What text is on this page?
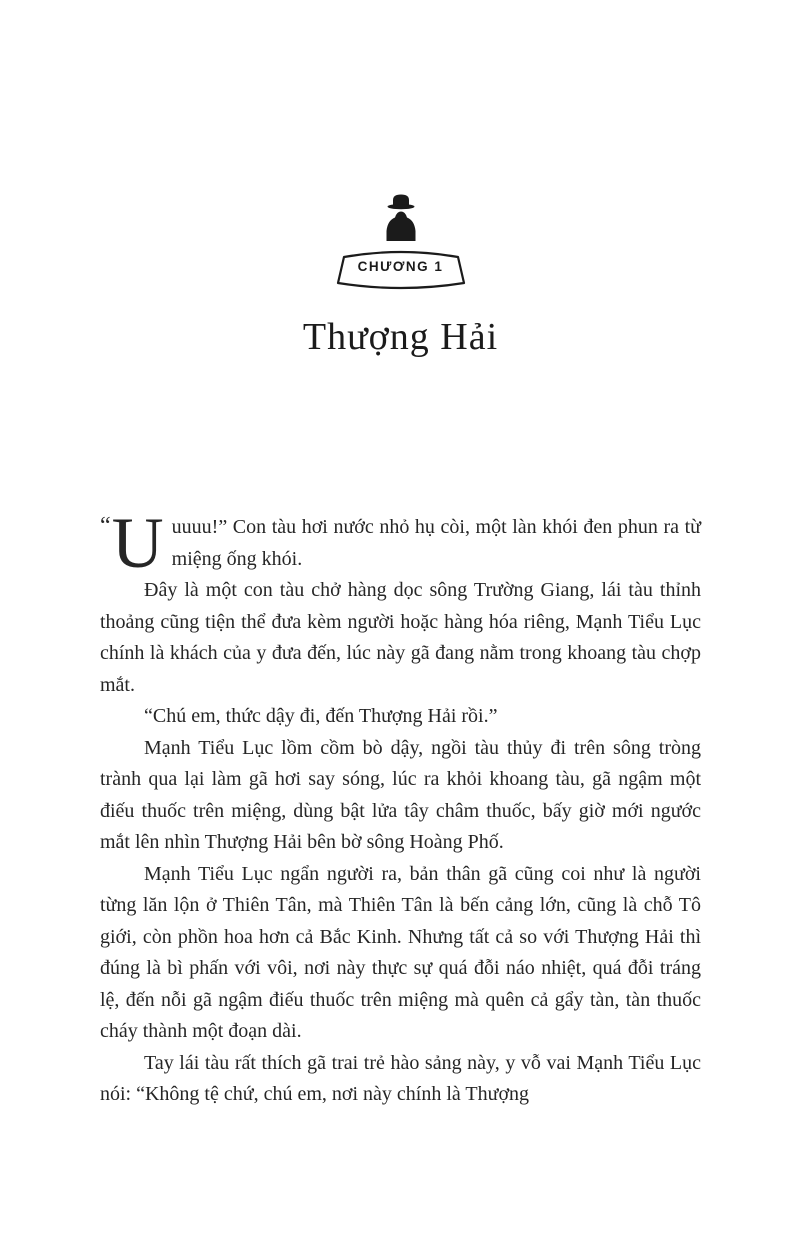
CHƯƠNG 1
Thượng Hải

“ U uuuu!” Con tàu hơi nước nhỏ hụ còi, một làn khói đen phun ra từ miệng ống khói.

Đây là một con tàu chở hàng dọc sông Trường Giang, lái tàu thỉnh thoảng cũng tiện thể đưa kèm người hoặc hàng hóa riêng, Mạnh Tiểu Lục chính là khách của y đưa đến, lúc này gã đang nằm trong khoang tàu chợp mắt.

“Chú em, thức dậy đi, đến Thượng Hải rồi.”

Mạnh Tiểu Lục lồm cồm bò dậy, ngồi tàu thủy đi trên sông tròng trành qua lại làm gã hơi say sóng, lúc ra khỏi khoang tàu, gã ngậm một điếu thuốc trên miệng, dùng bật lửa tây châm thuốc, bấy giờ mới ngước mắt lên nhìn Thượng Hải bên bờ sông Hoàng Phố.

Mạnh Tiểu Lục ngẩn người ra, bản thân gã cũng coi như là người từng lăn lộn ở Thiên Tân, mà Thiên Tân là bến cảng lớn, cũng là chỗ Tô giới, còn phồn hoa hơn cả Bắc Kinh. Nhưng tất cả so với Thượng Hải thì đúng là bì phấn với vôi, nơi này thực sự quá đỗi náo nhiệt, quá đỗi tráng lệ, đến nỗi gã ngậm điếu thuốc trên miệng mà quên cả gẩy tàn, tàn thuốc cháy thành một đoạn dài.

Tay lái tàu rất thích gã trai trẻ hào sảng này, y vỗ vai Mạnh Tiểu Lục nói: “Không tệ chứ, chú em, nơi này chính là Thượng
